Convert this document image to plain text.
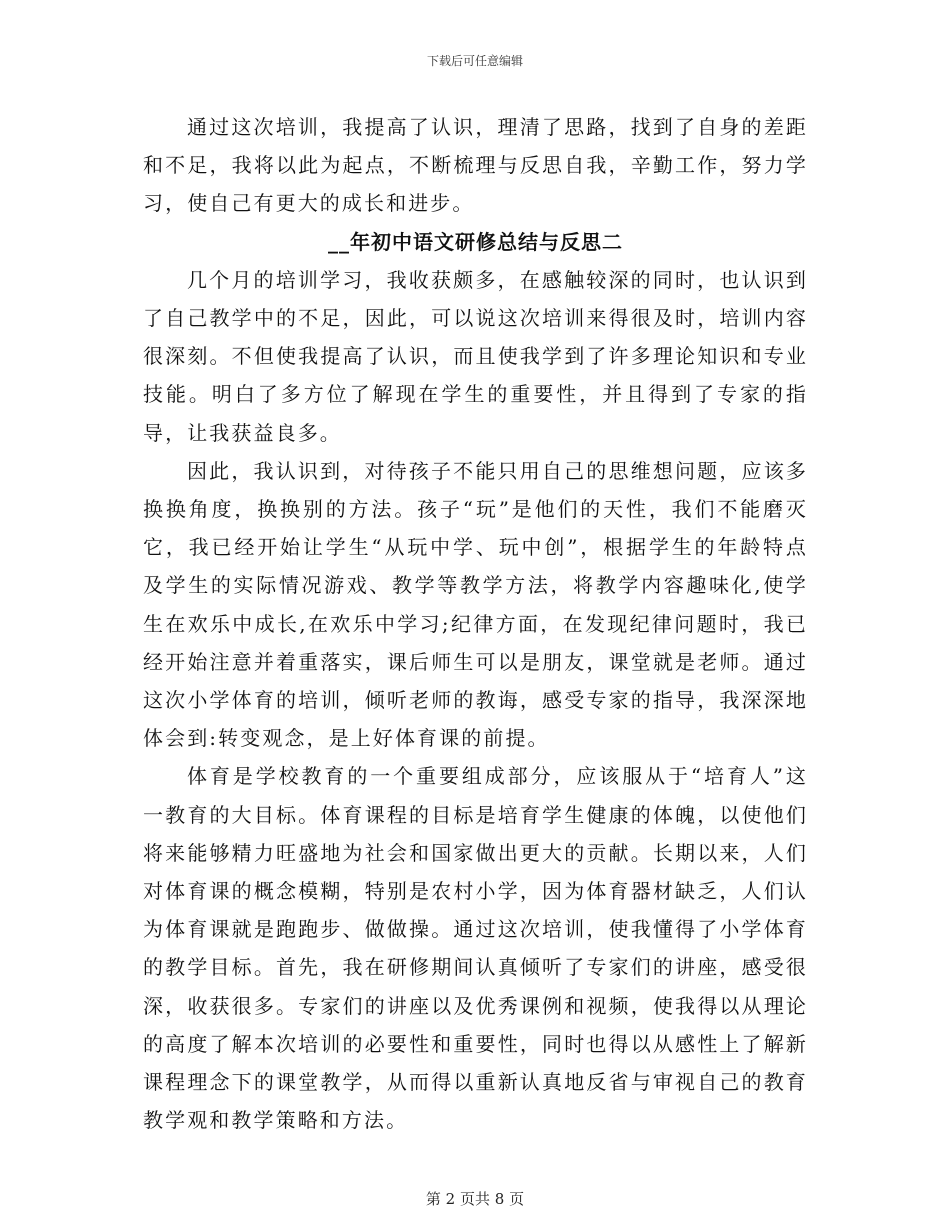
下载后可任意编辑

通过这次培训，我提高了认识，理清了思路，找到了自身的差距和不足，我将以此为起点，不断梳理与反思自我，辛勤工作，努力学习，使自己有更大的成长和进步。

__年初中语文研修总结与反思二

几个月的培训学习，我收获颇多，在感触较深的同时，也认识到了自己教学中的不足，因此，可以说这次培训来得很及时，培训内容很深刻。不但使我提高了认识，而且使我学到了许多理论知识和专业技能。明白了多方位了解现在学生的重要性，并且得到了专家的指导，让我获益良多。

因此，我认识到，对待孩子不能只用自己的思维想问题，应该多换换角度，换换别的方法。孩子“玩”是他们的天性，我们不能磨灭它，我已经开始让学生“从玩中学、玩中创”，根据学生的年龄特点及学生的实际情况游戏、教学等教学方法，将教学内容趣味化,使学生在欢乐中成长,在欢乐中学习;纪律方面，在发现纪律问题时，我已经开始注意并着重落实，课后师生可以是朋友，课堂就是老师。通过这次小学体育的培训，倾听老师的教诲，感受专家的指导，我深深地体会到:转变观念，是上好体育课的前提。

体育是学校教育的一个重要组成部分，应该服从于“培育人”这一教育的大目标。体育课程的目标是培育学生健康的体魄，以使他们将来能够精力旺盛地为社会和国家做出更大的贡献。长期以来，人们对体育课的概念模糊，特别是农村小学，因为体育器材缺乏，人们认为体育课就是跑跑步、做做操。通过这次培训，使我懂得了小学体育的教学目标。首先，我在研修期间认真倾听了专家们的讲座，感受很深，收获很多。专家们的讲座以及优秀课例和视频，使我得以从理论的高度了解本次培训的必要性和重要性，同时也得以从感性上了解新课程理念下的课堂教学，从而得以重新认真地反省与审视自己的教育教学观和教学策略和方法。

第 2 页共 8 页
